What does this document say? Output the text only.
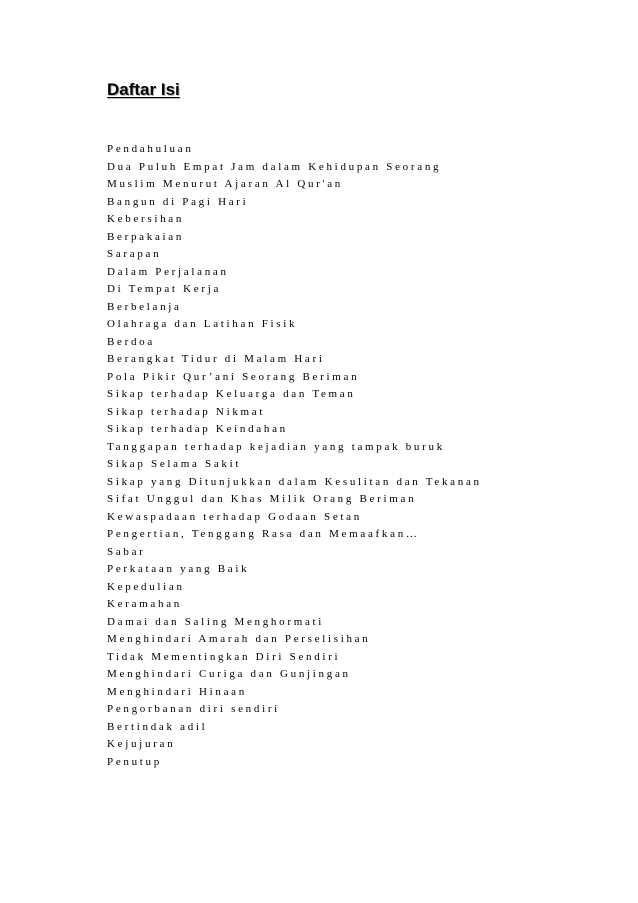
Daftar Isi
Pendahuluan
Dua Puluh Empat Jam dalam Kehidupan Seorang
Muslim Menurut Ajaran Al Qur'an
Bangun di Pagi Hari
Kebersihan
Berpakaian
Sarapan
Dalam Perjalanan
Di Tempat Kerja
Berbelanja
Olahraga dan Latihan Fisik
Berdoa
Berangkat Tidur di Malam Hari
Pola Pikir Qur’ani Seorang Beriman
Sikap terhadap Keluarga dan Teman
Sikap terhadap Nikmat
Sikap terhadap Keindahan
Tanggapan terhadap kejadian yang tampak buruk
Sikap Selama Sakit
Sikap yang Ditunjukkan dalam Kesulitan dan Tekanan
Sifat Unggul dan Khas Milik Orang Beriman
Kewaspadaan terhadap Godaan Setan
Pengertian, Tenggang Rasa dan Memaafkan…
Sabar
Perkataan yang Baik
Kepedulian
Keramahan
Damai dan Saling Menghormati
Menghindari Amarah dan Perselisihan
Tidak Mementingkan Diri Sendiri
Menghindari Curiga dan Gunjingan
Menghindari Hinaan
Pengorbanan diri sendiri
Bertindak adil
Kejujuran
Penutup
